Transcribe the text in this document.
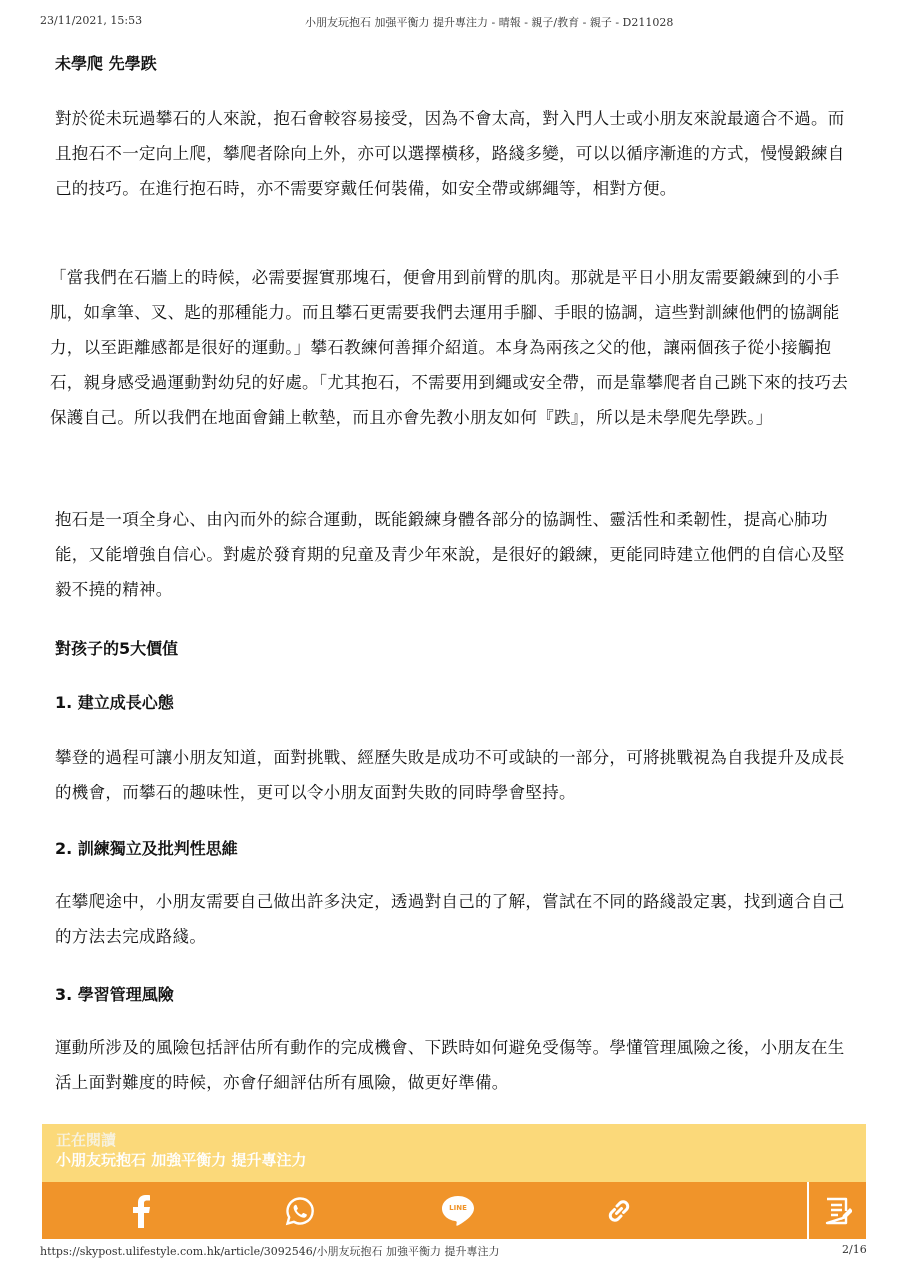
23/11/2021, 15:53	小朋友玩抱石 加强平衡力 提升專注力 - 晴報 - 親子/教育 - 親子 - D211028
未學爬 先學跌

對於從未玩過攀石的人來說，抱石會較容易接受，因為不會太高，對入門人士或小朋友來說最適合不過。而且抱石不一定向上爬，攀爬者除向上外，亦可以選擇橫移，路綫多變，可以以循序漸進的方式，慢慢鍛練自己的技巧。在進行抱石時，亦不需要穿戴任何裝備，如安全帶或綁繩等，相對方便。

「當我們在石牆上的時候，必需要握實那塊石，便會用到前臂的肌肉。那就是平日小朋友需要鍛練到的小手肌，如拿筆、叉、匙的那種能力。而且攀石更需要我們去運用手腳、手眼的協調，這些對訓練他們的協調能力，以至距離感都是很好的運動。」攀石教練何善揮介紹道。本身為兩孩之父的他，讓兩個孩子從小接觸抱石，親身感受過運動對幼兒的好處。「尤其抱石，不需要用到繩或安全帶，而是靠攀爬者自己跳下來的技巧去保護自己。所以我們在地面會鋪上軟墊，而且亦會先教小朋友如何『跌』，所以是未學爬先學跌。」

抱石是一項全身心、由內而外的綜合運動，既能鍛練身體各部分的協調性、靈活性和柔韌性，提高心肺功能，又能增強自信心。對處於發育期的兒童及青少年來說，是很好的鍛練，更能同時建立他們的自信心及堅毅不撓的精神。

對孩子的5大價值
1. 建立成長心態

攀登的過程可讓小朋友知道，面對挑戰、經歷失敗是成功不可或缺的一部分，可將挑戰視為自我提升及成長的機會，而攀石的趣味性，更可以令小朋友面對失敗的同時學會堅持。

2. 訓練獨立及批判性思維

在攀爬途中，小朋友需要自己做出許多決定，透過對自己的了解，嘗試在不同的路綫設定裏，找到適合自己的方法去完成路綫。

3. 學習管理風險

運動所涉及的風險包括評估所有動作的完成機會、下跌時如何避免受傷等。學懂管理風險之後，小朋友在生活上面對難度的時候，亦會仔細評估所有風險，做更好準備。

正在閱讀
小朋友玩抱石 加強平衡力 提升專注力
LINE
https://skypost.ulifestyle.com.hk/article/3092546/小朋友玩抱石 加強平衡力 提升專注力	2/16
